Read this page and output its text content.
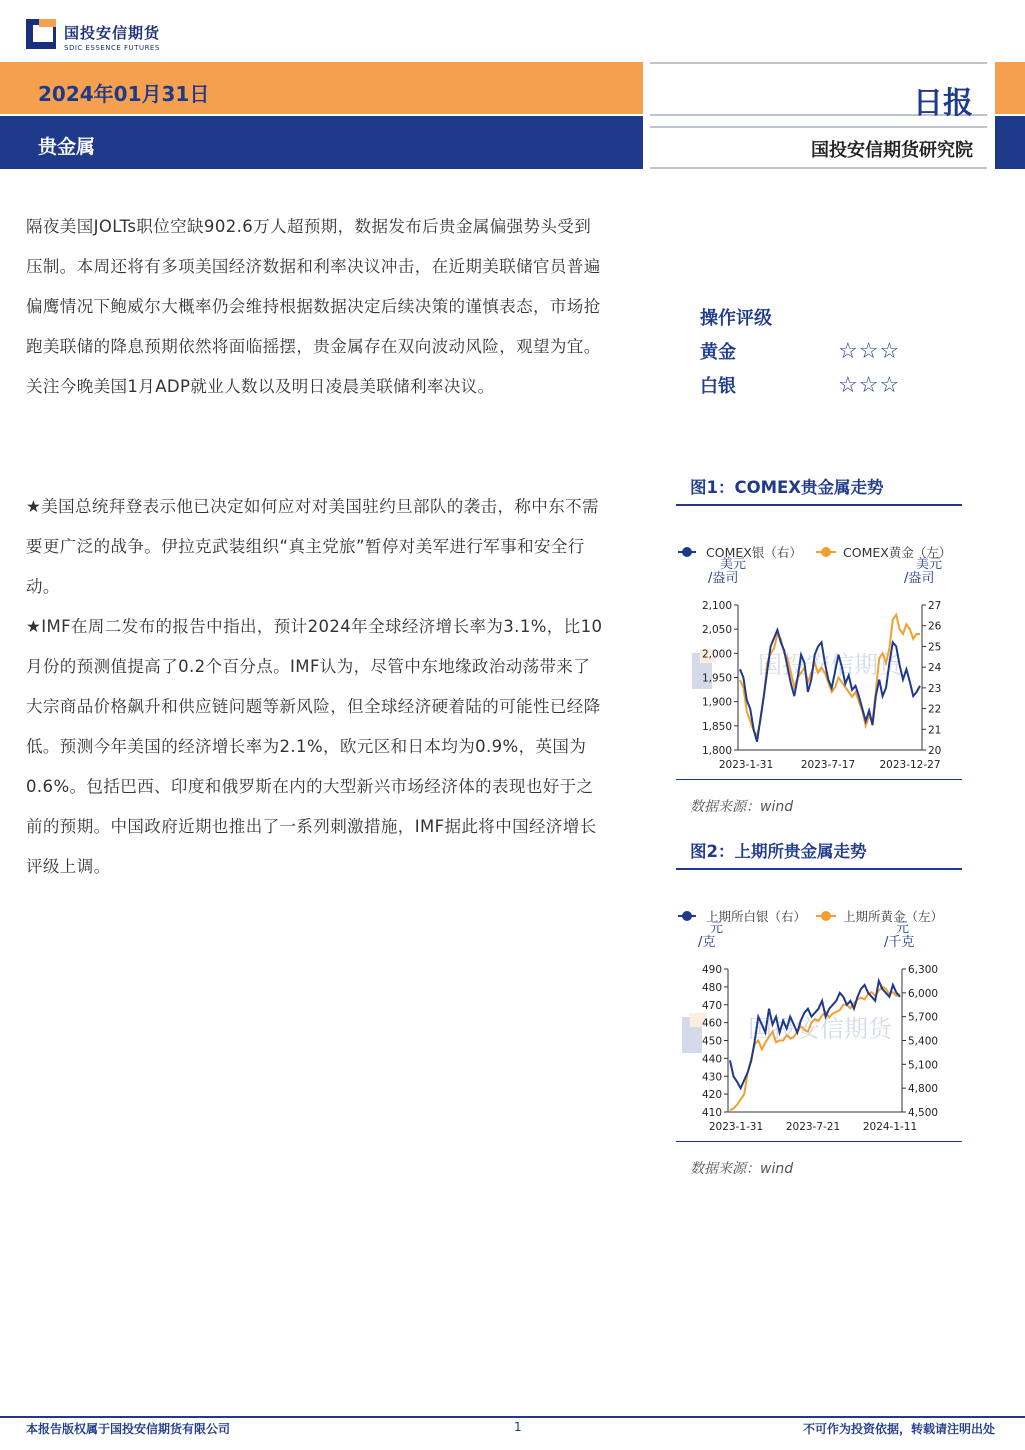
国投安信期货
SDIC ESSENCE FUTURES
2024年01月31日
贵金属
日报
国投安信期货研究院
隔夜美国JOLTs职位空缺902.6万人超预期，数据发布后贵金属偏强势头受到压制。本周还将有多项美国经济数据和利率决议冲击，在近期美联储官员普遍偏鹰情况下鲍威尔大概率仍会维持根据数据决定后续决策的谨慎表态，市场抢跑美联储的降息预期依然将面临摇摆，贵金属存在双向波动风险，观望为宜。关注今晚美国1月ADP就业人数以及明日凌晨美联储利率决议。
★美国总统拜登表示他已决定如何应对对美国驻约旦部队的袭击，称中东不需要更广泛的战争。伊拉克武装组织“真主党旅”暂停对美军进行军事和安全行动。
★IMF在周二发布的报告中指出，预计2024年全球经济增长率为3.1%，比10月份的预测值提高了0.2个百分点。IMF认为，尽管中东地缘政治动荡带来了大宗商品价格飙升和供应链问题等新风险，但全球经济硬着陆的可能性已经降低。预测今年美国的经济增长率为2.1%，欧元区和日本均为0.9%，英国为0.6%。包括巴西、印度和俄罗斯在内的大型新兴市场经济体的表现也好于之前的预期。中国政府近期也推出了一系列刺激措施，IMF据此将中国经济增长评级上调。
操作评级
黄金	☆☆☆
白银	☆☆☆
图1：COMEX贵金属走势
COMEX银（右）	COMEX黄金（左）
美元
/盎司
美元
/盎司
国投安信期货
1,800
1,850
1,900
1,950
2,000
2,050
2,100
20
21
22
23
24
25
26
27
2023-1-31	2023-7-17 2023-12-27
数据来源：wind
图2：上期所贵金属走势
上期所白银（右）	上期所黄金（左）
元
/克
元
/千克
国投安信期货
410
420
430
440
450
460
470
480
490
4,500
4,800
5,100
5,400
5,700
6,000
6,300
2023-1-31 2023-7-21 2024-1-11
数据来源：wind
本报告版权属于国投安信期货有限公司	1	不可作为投资依据，转载请注明出处
